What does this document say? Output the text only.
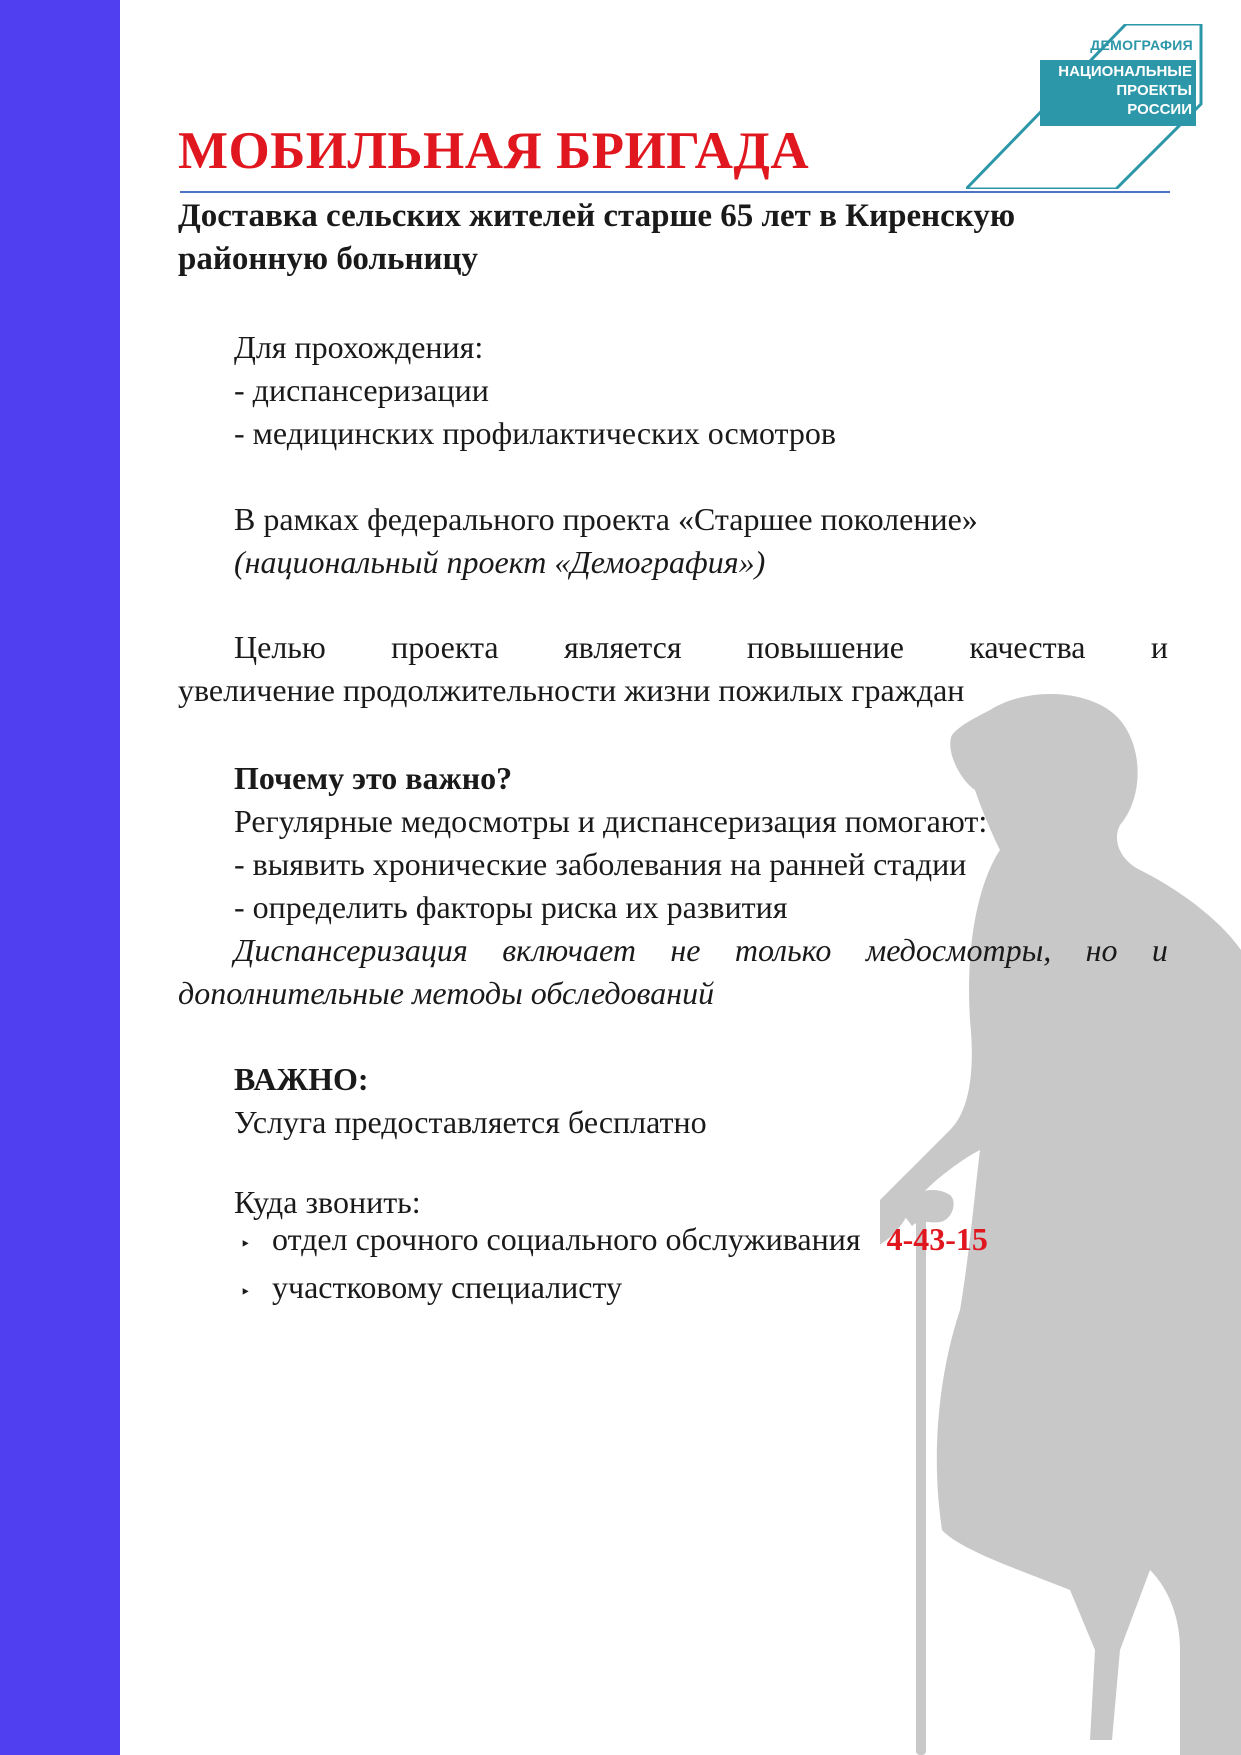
ДЕМОГРАФИЯ
НАЦИОНАЛЬНЫЕ
ПРОЕКТЫ
РОССИИ
МОБИЛЬНАЯ БРИГАДА

Доставка сельских жителей старше 65 лет в Киренскую районную больницу

Для прохождения:

- диспансеризации

- медицинских профилактических осмотров

В рамках федерального проекта «Старшее поколение»

(национальный проект «Демография»)

Целью проекта является повышение качества и
увеличение продолжительности жизни пожилых граждан

Почему это важно?

Регулярные медосмотры и диспансеризация помогают:

- выявить хронические заболевания на ранней стадии

- определить факторы риска их развития

Диспансеризация включает не только медосмотры, но и
дополнительные методы обследований

ВАЖНО:

Услуга предоставляется бесплатно

Куда звонить:

‣ отдел срочного социального обслуживания 4-43-15
‣ участковому специалисту
